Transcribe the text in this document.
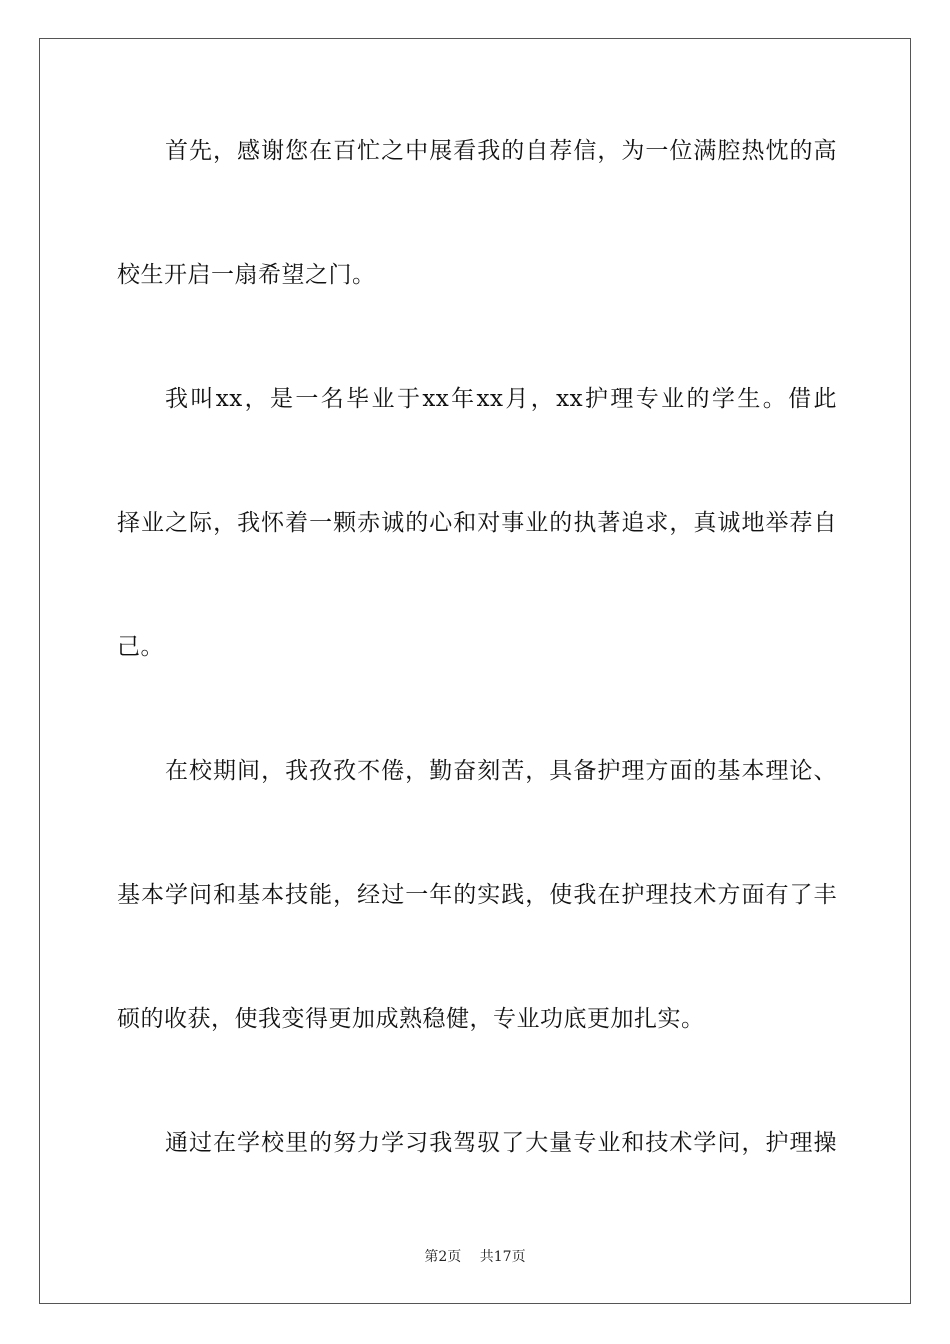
首先，感谢您在百忙之中展看我的自荐信，为一位满腔热忱的高
校生开启一扇希望之门。
我叫xx，是一名毕业于xx年xx月，xx护理专业的学生。借此
择业之际，我怀着一颗赤诚的心和对事业的执著追求，真诚地举荐自
己。
在校期间，我孜孜不倦，勤奋刻苦，具备护理方面的基本理论、
基本学问和基本技能，经过一年的实践，使我在护理技术方面有了丰
硕的收获，使我变得更加成熟稳健，专业功底更加扎实。
通过在学校里的努力学习我驾驭了大量专业和技术学问，护理操
第2页 共17页
